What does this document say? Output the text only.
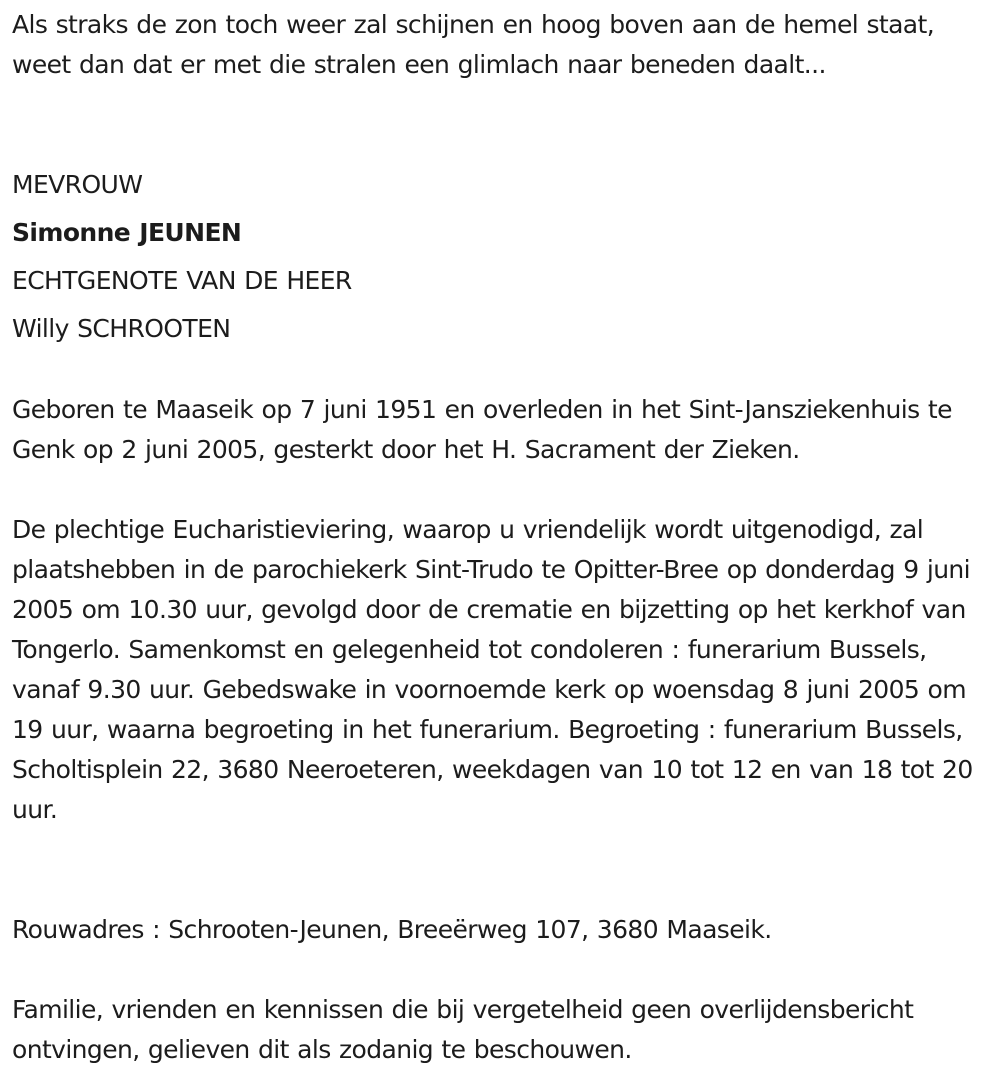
Als straks de zon toch weer zal schijnen en hoog boven aan de hemel staat, weet dan dat er met die stralen een glimlach naar beneden daalt...

MEVROUW
Simonne JEUNEN
ECHTGENOTE VAN DE HEER
Willy SCHROOTEN

Geboren te Maaseik op 7 juni 1951 en overleden in het Sint-Jansziekenhuis te Genk op 2 juni 2005, gesterkt door het H. Sacrament der Zieken.

De plechtige Eucharistieviering, waarop u vriendelijk wordt uitgenodigd, zal plaatshebben in de parochiekerk Sint-Trudo te Opitter-Bree op donderdag 9 juni 2005 om 10.30 uur, gevolgd door de crematie en bijzetting op het kerkhof van Tongerlo. Samenkomst en gelegenheid tot condoleren : funerarium Bussels, vanaf 9.30 uur. Gebedswake in voornoemde kerk op woensdag 8 juni 2005 om 19 uur, waarna begroeting in het funerarium. Begroeting : funerarium Bussels, Scholtisplein 22, 3680 Neeroeteren, weekdagen van 10 tot 12 en van 18 tot 20 uur.

Rouwadres : Schrooten-Jeunen, Breeërweg 107, 3680 Maaseik.

Familie, vrienden en kennissen die bij vergetelheid geen overlijdensbericht ontvingen, gelieven dit als zodanig te beschouwen.
